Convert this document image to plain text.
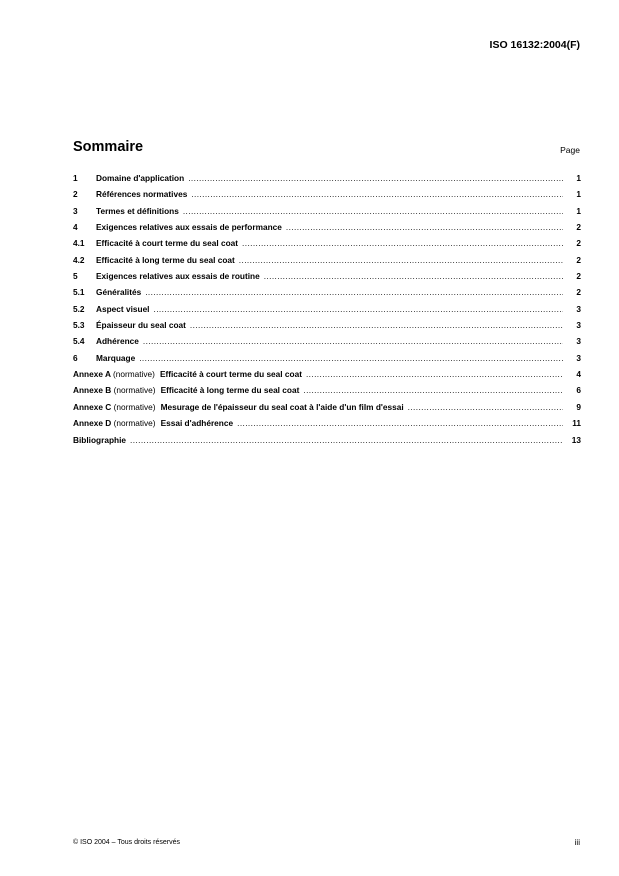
ISO 16132:2004(F)
Sommaire	Page
1	Domaine d'application .....	1
2	Références normatives .....	1
3	Termes et définitions .....	1
4	Exigences relatives aux essais de performance .....	2
4.1	Efficacité à court terme du seal coat .....	2
4.2	Efficacité à long terme du seal coat .....	2
5	Exigences relatives aux essais de routine .....	2
5.1	Généralités .....	2
5.2	Aspect visuel .....	3
5.3	Épaisseur du seal coat .....	3
5.4	Adhérence .....	3
6	Marquage .....	3
Annexe A (normative) Efficacité à court terme du seal coat .....	4
Annexe B (normative) Efficacité à long terme du seal coat .....	6
Annexe C (normative) Mesurage de l'épaisseur du seal coat à l'aide d'un film d'essai .....	9
Annexe D (normative) Essai d'adhérence .....	11
Bibliographie .....	13
© ISO 2004 – Tous droits réservés	iii
